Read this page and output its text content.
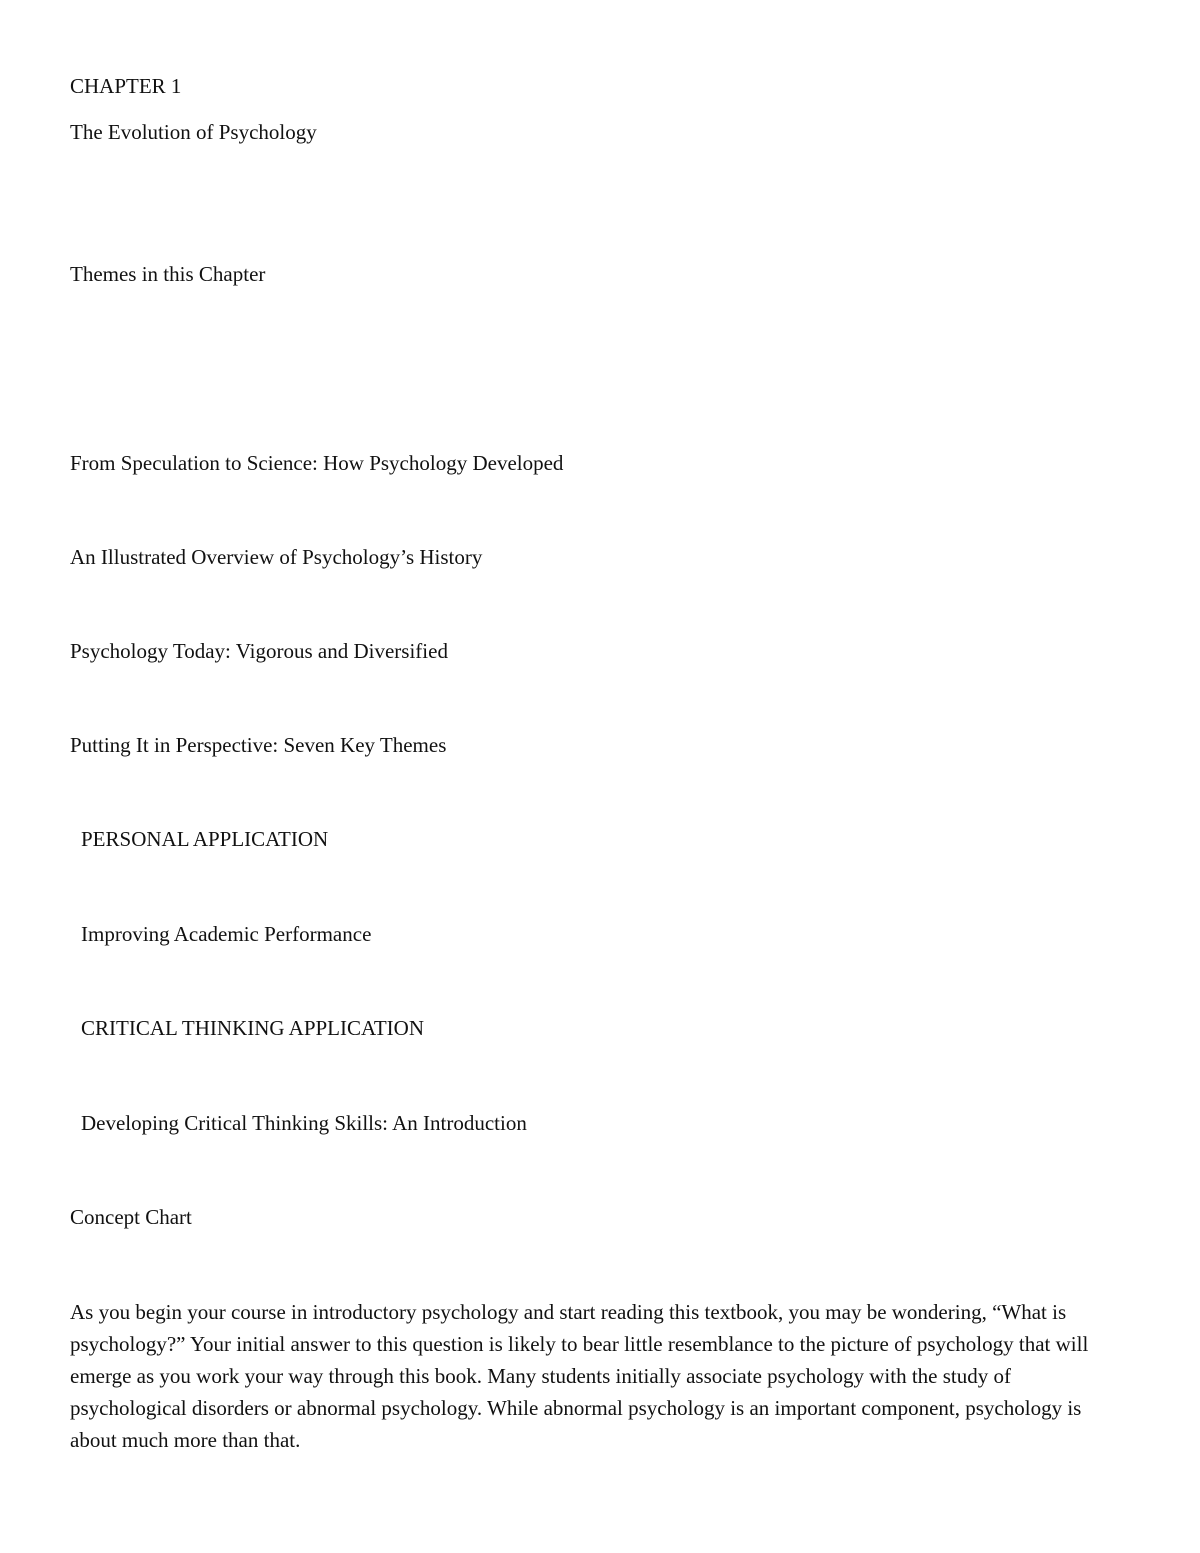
CHAPTER 1
The Evolution of Psychology
Themes in this Chapter
From Speculation to Science: How Psychology Developed
An Illustrated Overview of Psychology’s History
Psychology Today: Vigorous and Diversified
Putting It in Perspective: Seven Key Themes
PERSONAL APPLICATION
Improving Academic Performance
CRITICAL THINKING APPLICATION
Developing Critical Thinking Skills: An Introduction
Concept Chart

As you begin your course in introductory psychology and start reading this textbook, you may be wondering, “What is psychology?” Your initial answer to this question is likely to bear little resemblance to the picture of psychology that will emerge as you work your way through this book. Many students initially associate psychology with the study of psychological disorders or abnormal psychology. While abnormal psychology is an important component, psychology is about much more than that.
